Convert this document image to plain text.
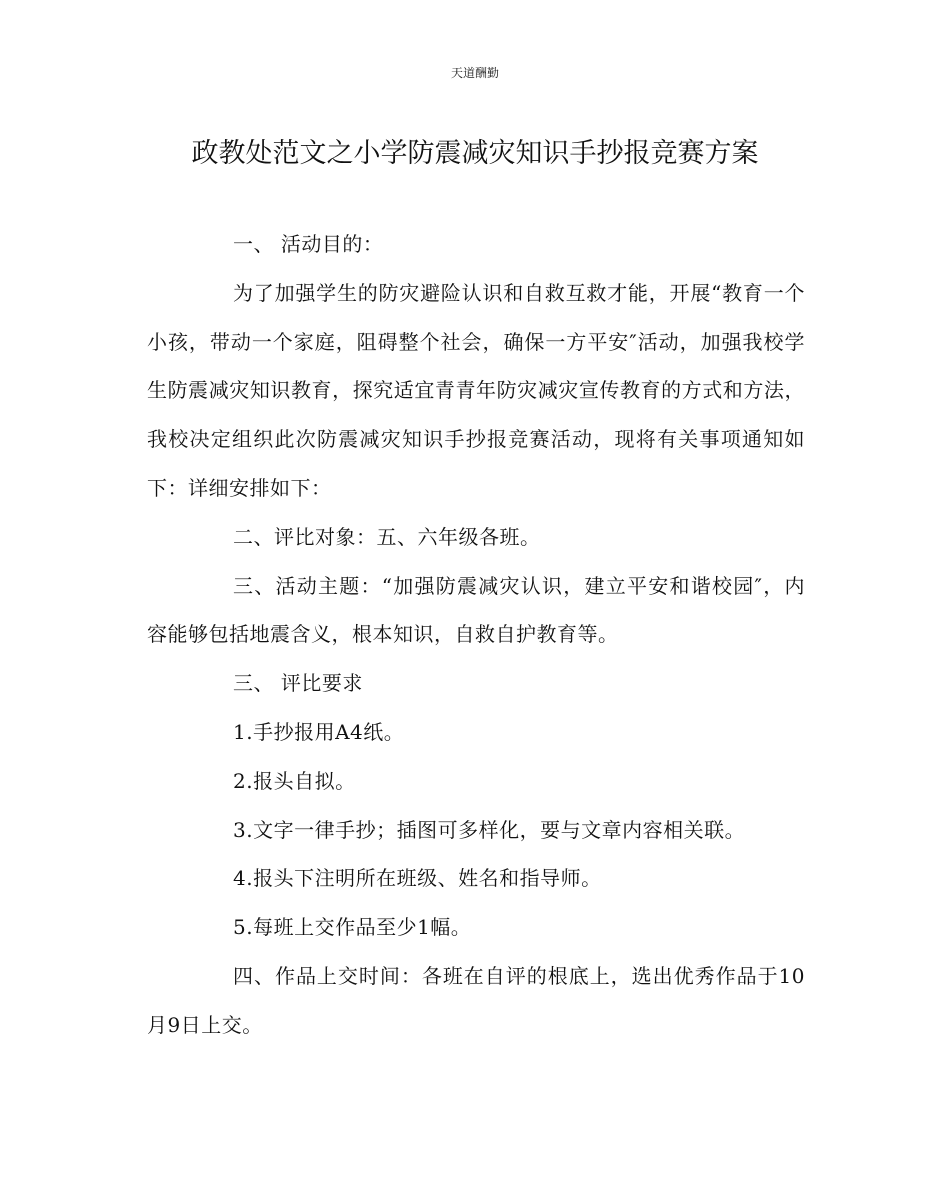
天道酬勤
政教处范文之小学防震减灾知识手抄报竞赛方案

一、 活动目的：

为了加强学生的防灾避险认识和自救互救才能，开展“教育一个小孩，带动一个家庭，阻碍整个社会，确保一方平安″活动，加强我校学生防震减灾知识教育，探究适宜青青年防灾减灾宣传教育的方式和方法，我校决定组织此次防震减灾知识手抄报竞赛活动，现将有关事项通知如下：详细安排如下：

二、评比对象：五、六年级各班。

三、活动主题：“加强防震减灾认识，建立平安和谐校园″，内容能够包括地震含义，根本知识，自救自护教育等。

三、 评比要求

1.手抄报用A4纸。

2.报头自拟。

3.文字一律手抄；插图可多样化，要与文章内容相关联。

4.报头下注明所在班级、姓名和指导师。

5.每班上交作品至少1幅。

四、作品上交时间：各班在自评的根底上，选出优秀作品于10月9日上交。
